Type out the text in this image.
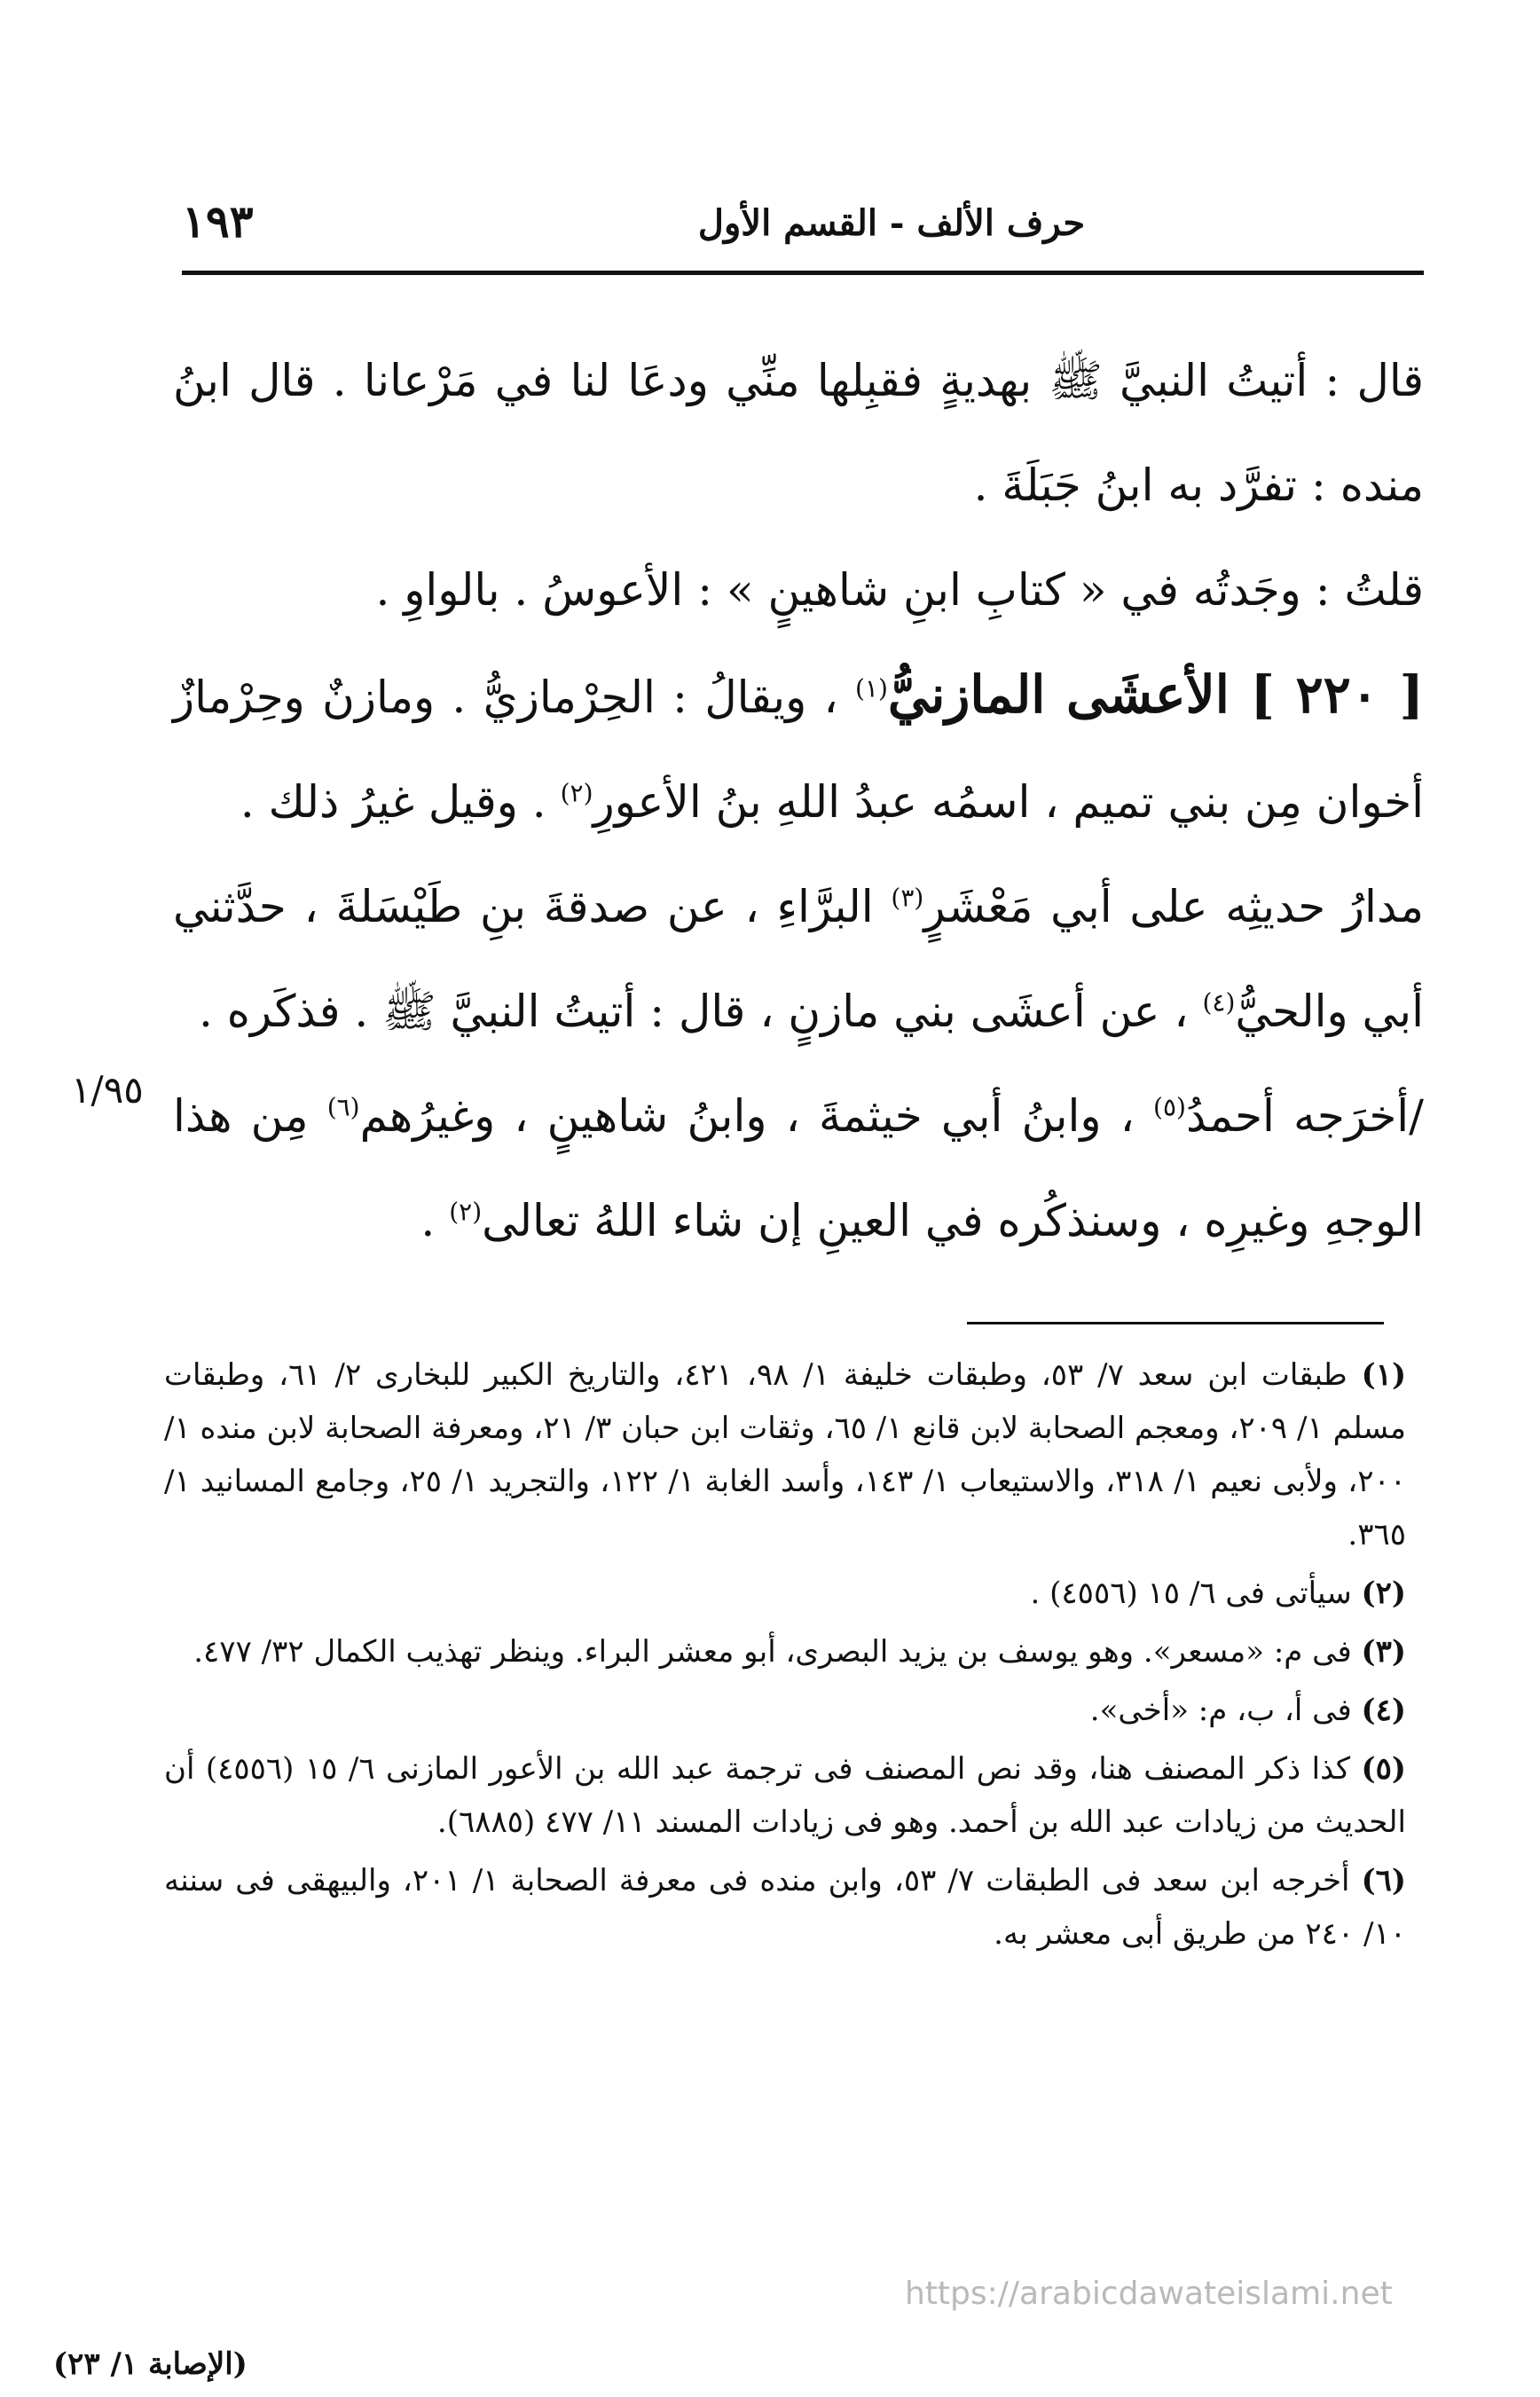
١٩٣	حرف الألف - القسم الأول

قال : أتيتُ النبيَّ ﷺ بهديةٍ فقبِلها منِّي ودعَا لنا في مَرْعانا . قال ابنُ منده : تفرَّد به ابنُ جَبَلَةَ .

قلتُ : وجَدتُه في « كتابِ ابنِ شاهينٍ » : الأعوسُ . بالواوِ .

[ ٢٢٠ ] الأعشَى المازنيُّ$^{(١)}$ ، ويقالُ : الحِرْمازيُّ . ومازنٌ وحِرْمازٌ أخوان مِن بني تميم ، اسمُه عبدُ اللهِ بنُ الأعورِ$^{(٢)}$ . وقيل غيرُ ذلك .

مدارُ حديثِه على أبي مَعْشَرٍ$^{(٣)}$ البرَّاءِ ، عن صدقةَ بنِ طَيْسَلةَ ، حدَّثني أبي والحيُّ$^{(٤)}$ ، عن أعشَى بني مازنٍ ، قال : أتيتُ النبيَّ ﷺ . فذكَره .

/أخرَجه أحمدُ$^{(٥)}$ ، وابنُ أبي خيثمةَ ، وابنُ شاهينٍ ، وغيرُهم$^{(٦)}$ مِن هذا الوجهِ وغيرِه ، وسنذكُره في العينِ إن شاء اللهُ تعالى$^{(٢)}$ .

١/٩٥

(١) طبقات ابن سعد ٧/ ٥٣، وطبقات خليفة ١/ ٩٨، ٤٢١، والتاريخ الكبير للبخارى ٢/ ٦١، وطبقات مسلم ١/ ٢٠٩، ومعجم الصحابة لابن قانع ١/ ٦٥، وثقات ابن حبان ٣/ ٢١، ومعرفة الصحابة لابن منده ١/ ٢٠٠، ولأبى نعيم ١/ ٣١٨، والاستيعاب ١/ ١٤٣، وأسد الغابة ١/ ١٢٢، والتجريد ١/ ٢٥، وجامع المسانيد ١/ ٣٦٥.

(٢) سيأتى فى ٦/ ١٥ (٤٥٥٦) .

(٣) فى م: «مسعر». وهو يوسف بن يزيد البصرى، أبو معشر البراء. وينظر تهذيب الكمال ٣٢/ ٤٧٧.

(٤) فى أ، ب، م: «أخى».

(٥) كذا ذكر المصنف هنا، وقد نص المصنف فى ترجمة عبد الله بن الأعور المازنى ٦/ ١٥ (٤٥٥٦) أن الحديث من زيادات عبد الله بن أحمد. وهو فى زيادات المسند ١١/ ٤٧٧ (٦٨٨٥).

(٦) أخرجه ابن سعد فى الطبقات ٧/ ٥٣، وابن منده فى معرفة الصحابة ١/ ٢٠١، والبيهقى فى سننه ١٠/ ٢٤٠ من طريق أبى معشر به.

https://arabicdawateislami.net
(الإصابة ١/ ٢٣)
